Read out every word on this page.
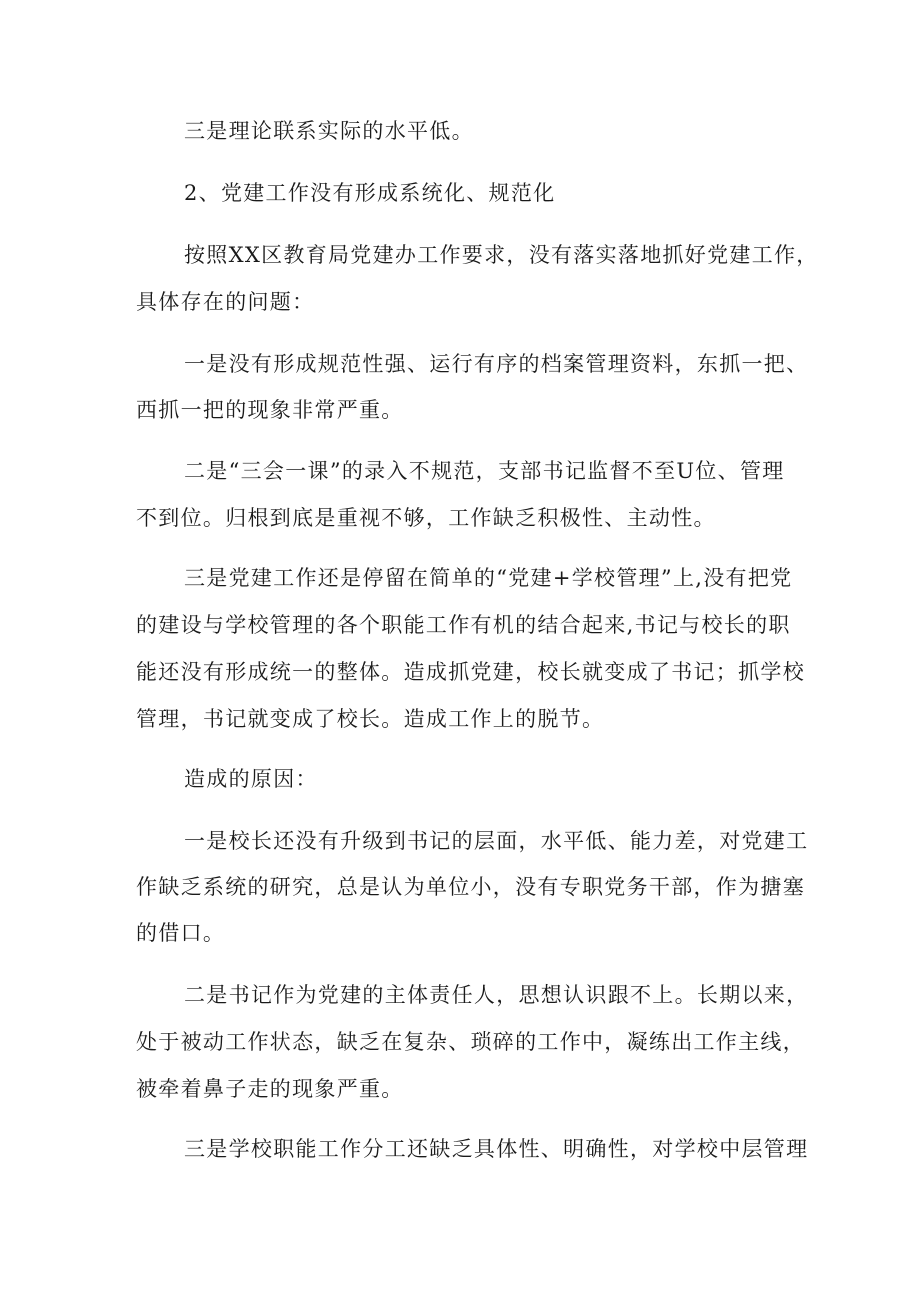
三是理论联系实际的水平低。
2、党建工作没有形成系统化、规范化
按照XX区教育局党建办工作要求，没有落实落地抓好党建工作，
具体存在的问题：
一是没有形成规范性强、运行有序的档案管理资料，东抓一把、
西抓一把的现象非常严重。
二是“三会一课”的录入不规范，支部书记监督不至U位、管理
不到位。归根到底是重视不够，工作缺乏积极性、主动性。
三是党建工作还是停留在简单的“党建+学校管理”上,没有把党
的建设与学校管理的各个职能工作有机的结合起来,书记与校长的职
能还没有形成统一的整体。造成抓党建，校长就变成了书记；抓学校
管理，书记就变成了校长。造成工作上的脱节。
造成的原因：
一是校长还没有升级到书记的层面，水平低、能力差，对党建工
作缺乏系统的研究，总是认为单位小，没有专职党务干部，作为搪塞
的借口。
二是书记作为党建的主体责任人，思想认识跟不上。长期以来，
处于被动工作状态，缺乏在复杂、琐碎的工作中，凝练出工作主线，
被牵着鼻子走的现象严重。
三是学校职能工作分工还缺乏具体性、明确性，对学校中层管理
